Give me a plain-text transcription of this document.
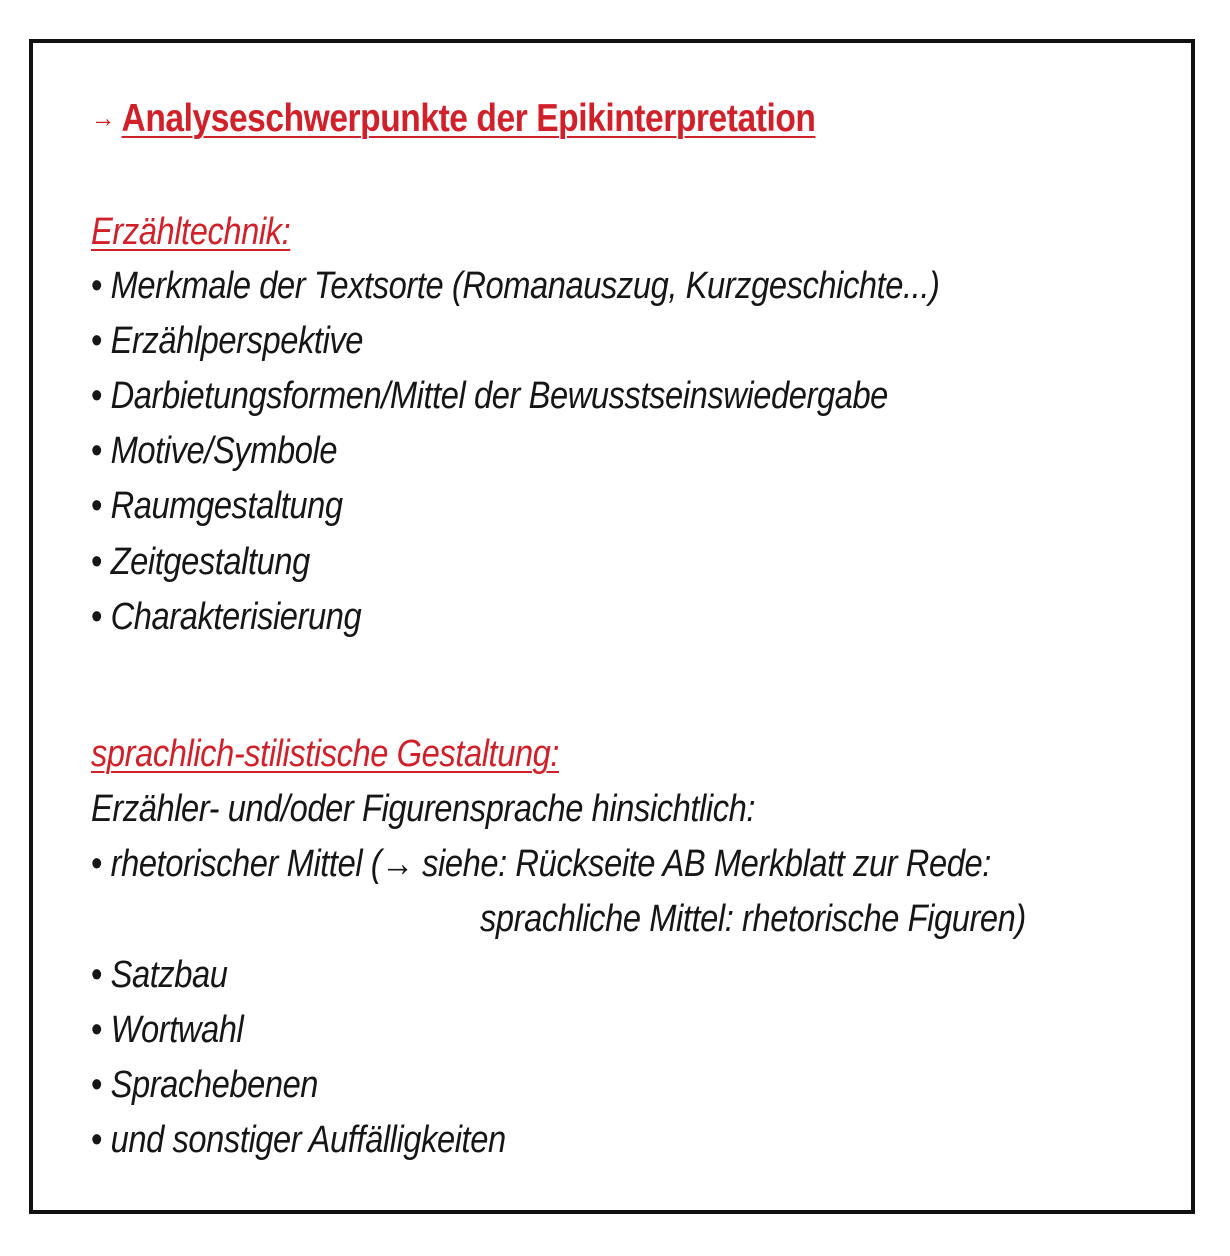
→ Analyseschwerpunkte der Epikinterpretation
Erzähltechnik:
• Merkmale der Textsorte (Romanauszug, Kurzgeschichte...)
• Erzählperspektive
• Darbietungsformen/Mittel der Bewusstseinswiedergabe
• Motive/Symbole
• Raumgestaltung
• Zeitgestaltung
• Charakterisierung
sprachlich-stilistische Gestaltung:
Erzähler- und/oder Figurensprache hinsichtlich:
• rhetorischer Mittel (→ siehe: Rückseite AB Merkblatt zur Rede:
sprachliche Mittel: rhetorische Figuren)
• Satzbau
• Wortwahl
• Sprachebenen
• und sonstiger Auffälligkeiten
